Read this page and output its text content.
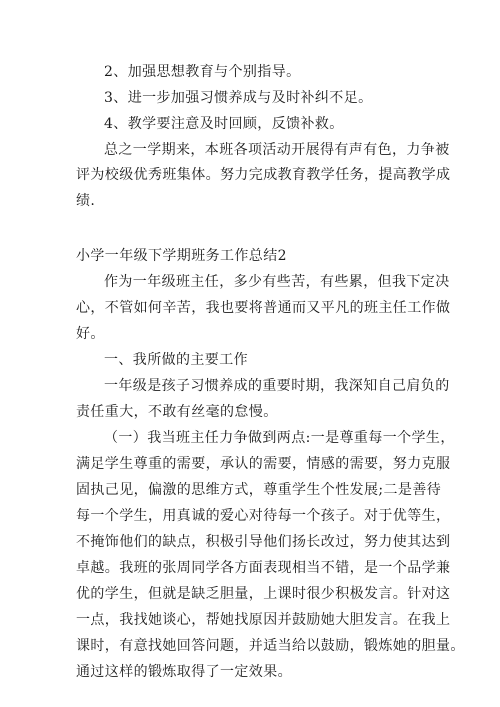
2、加强思想教育与个别指导。
3、进一步加强习惯养成与及时补纠不足。
4、教学要注意及时回顾，反馈补救。
总之一学期来，本班各项活动开展得有声有色，力争被
评为校级优秀班集体。努力完成教育教学任务，提高教学成
绩.
小学一年级下学期班务工作总结2
作为一年级班主任，多少有些苦，有些累，但我下定决
心，不管如何辛苦，我也要将普通而又平凡的班主任工作做
好。
一、我所做的主要工作
一年级是孩子习惯养成的重要时期，我深知自己肩负的
责任重大，不敢有丝毫的怠慢。
（一）我当班主任力争做到两点:一是尊重每一个学生，
满足学生尊重的需要，承认的需要，情感的需要，努力克服
固执己见，偏激的思维方式，尊重学生个性发展;二是善待
每一个学生，用真诚的爱心对待每一个孩子。对于优等生，
不掩饰他们的缺点，积极引导他们扬长改过，努力使其达到
卓越。我班的张周同学各方面表现相当不错，是一个品学兼
优的学生，但就是缺乏胆量，上课时很少积极发言。针对这
一点，我找她谈心，帮她找原因并鼓励她大胆发言。在我上
课时，有意找她回答问题，并适当给以鼓励，锻炼她的胆量。
通过这样的锻炼取得了一定效果。
